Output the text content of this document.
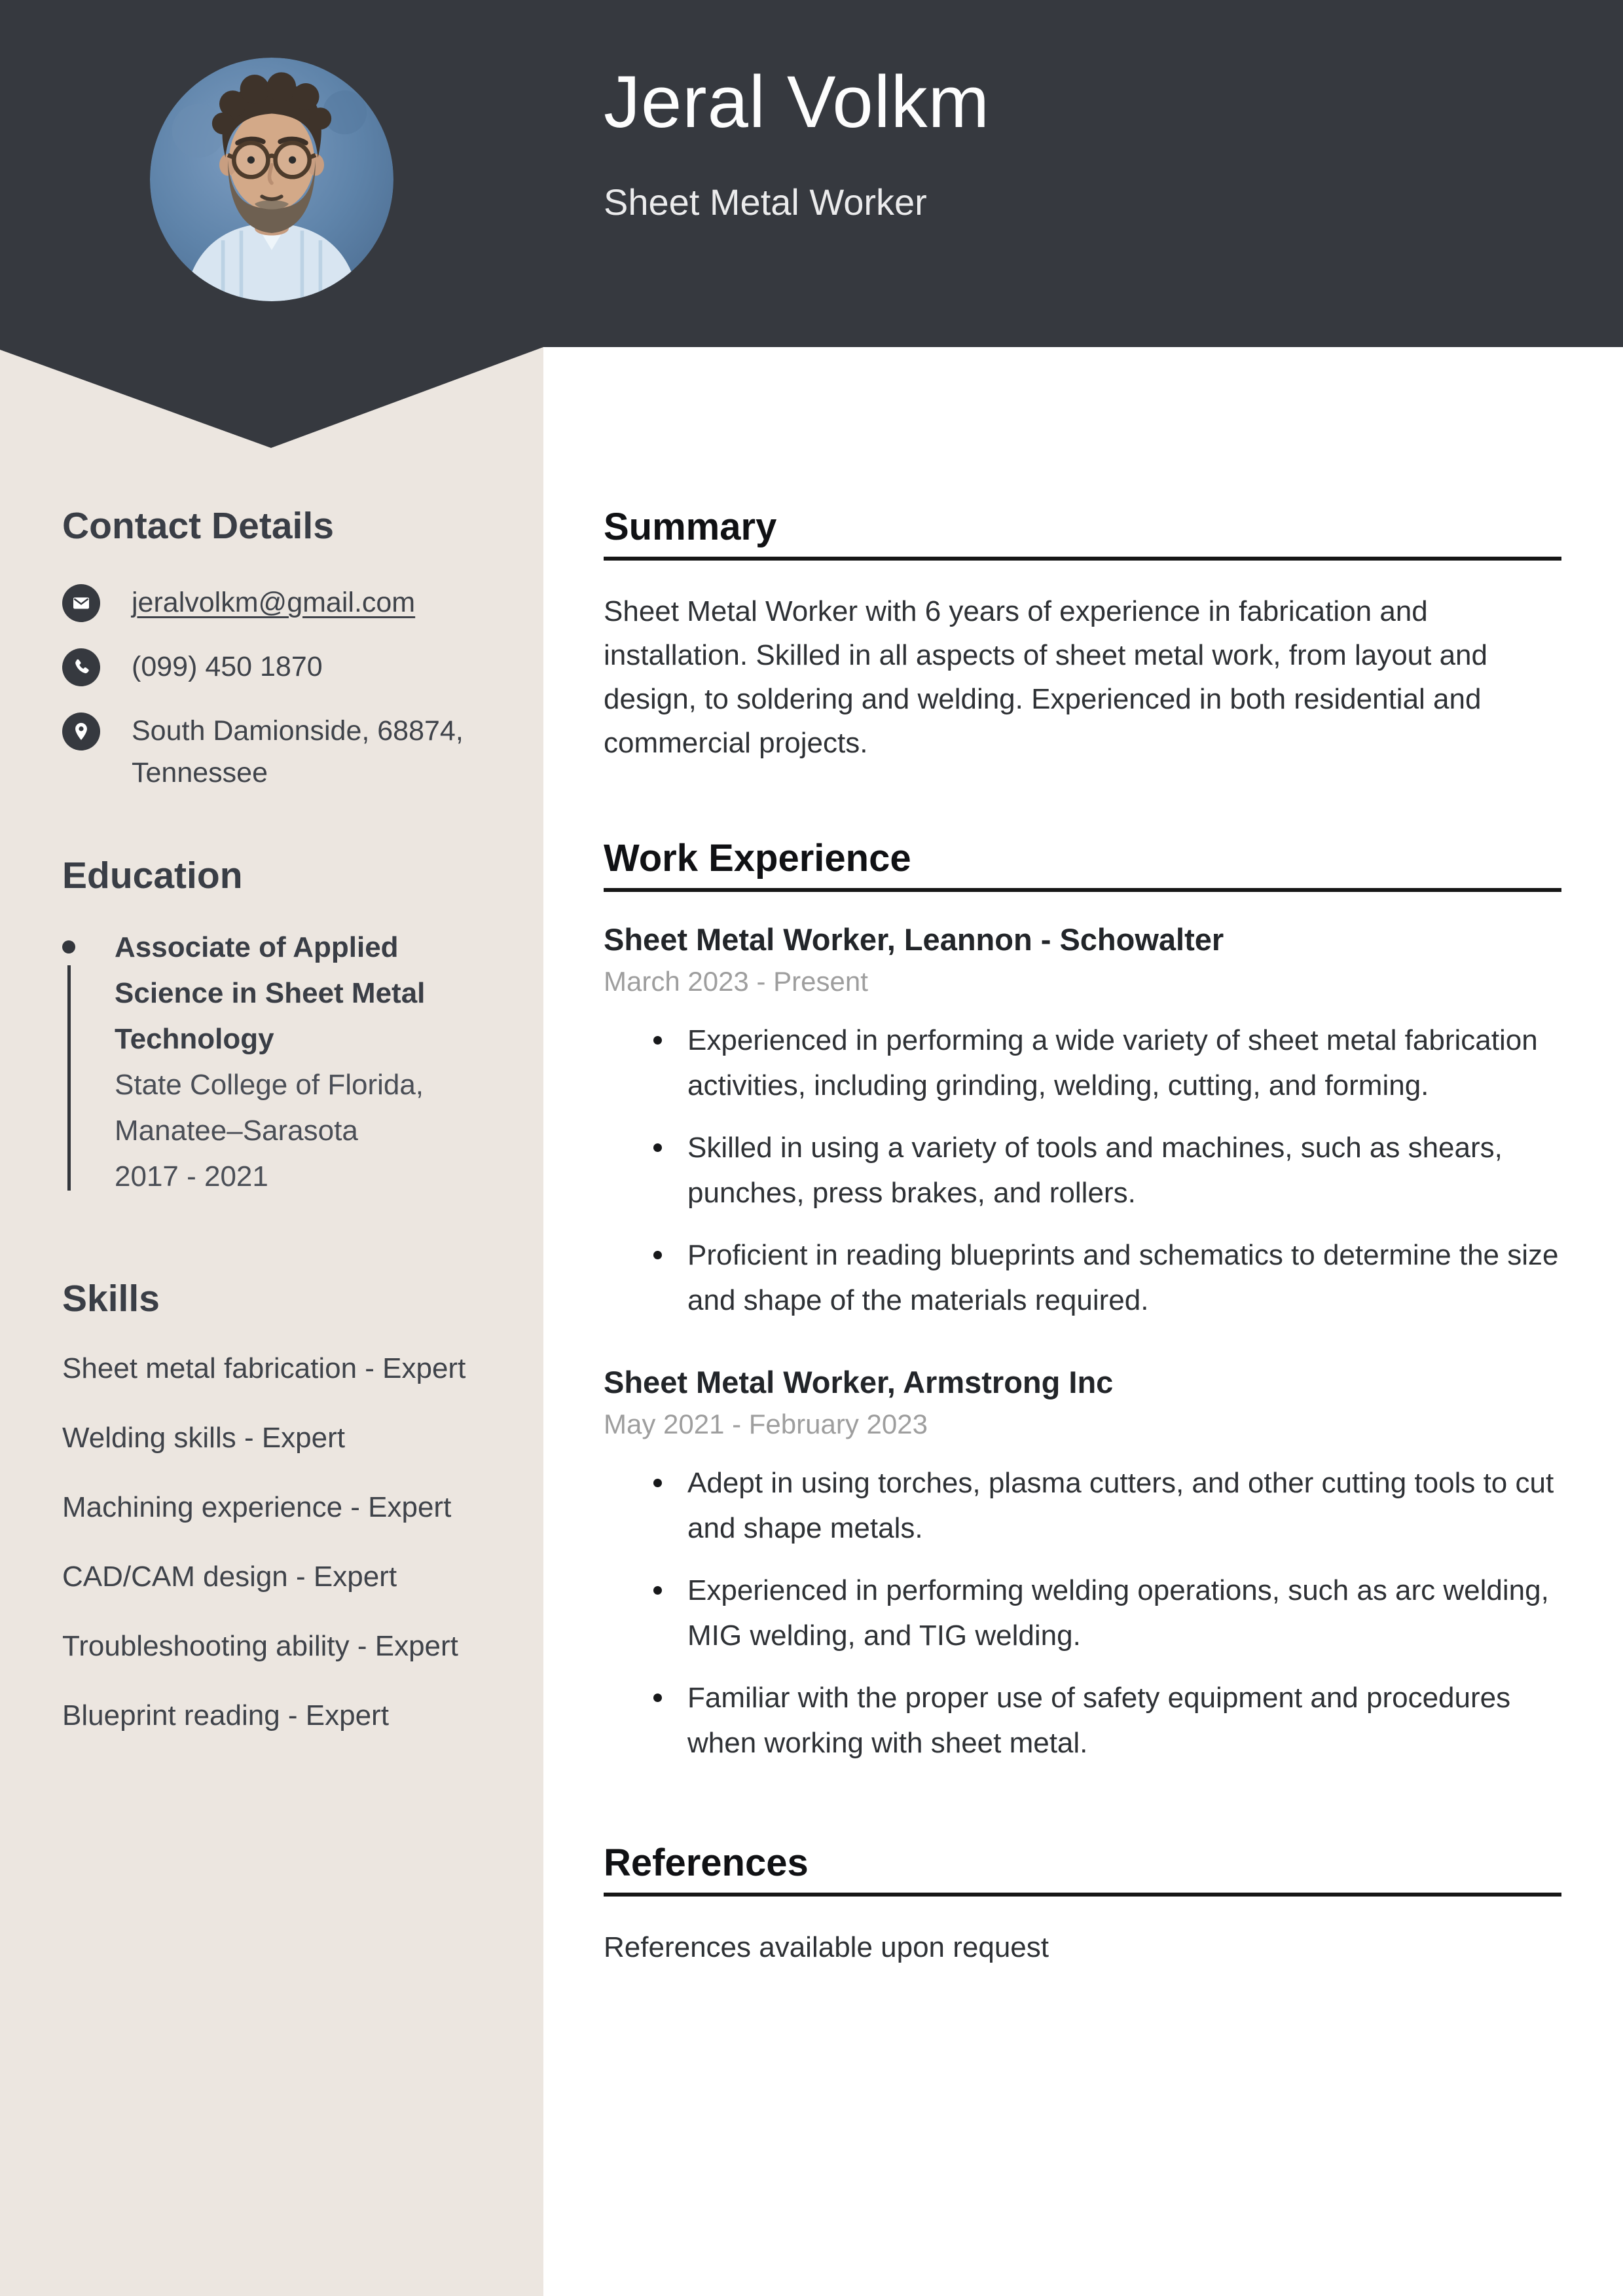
Jeral Volkm
Sheet Metal Worker
Contact Details
jeralvolkm@gmail.com
(099) 450 1870
South Damionside, 68874, Tennessee
Education
Associate of Applied Science in Sheet Metal Technology
State College of Florida, Manatee–Sarasota
2017 - 2021
Skills
Sheet metal fabrication - Expert
Welding skills - Expert
Machining experience - Expert
CAD/CAM design - Expert
Troubleshooting ability - Expert
Blueprint reading - Expert
Summary

Sheet Metal Worker with 6 years of experience in fabrication and installation. Skilled in all aspects of sheet metal work, from layout and design, to soldering and welding. Experienced in both residential and commercial projects.

Work Experience
Sheet Metal Worker, Leannon - Schowalter
March 2023 - Present
Experienced in performing a wide variety of sheet metal fabrication activities, including grinding, welding, cutting, and forming.
Skilled in using a variety of tools and machines, such as shears, punches, press brakes, and rollers.
Proficient in reading blueprints and schematics to determine the size and shape of the materials required.
Sheet Metal Worker, Armstrong Inc
May 2021 - February 2023
Adept in using torches, plasma cutters, and other cutting tools to cut and shape metals.
Experienced in performing welding operations, such as arc welding, MIG welding, and TIG welding.
Familiar with the proper use of safety equipment and procedures when working with sheet metal.
References

References available upon request
